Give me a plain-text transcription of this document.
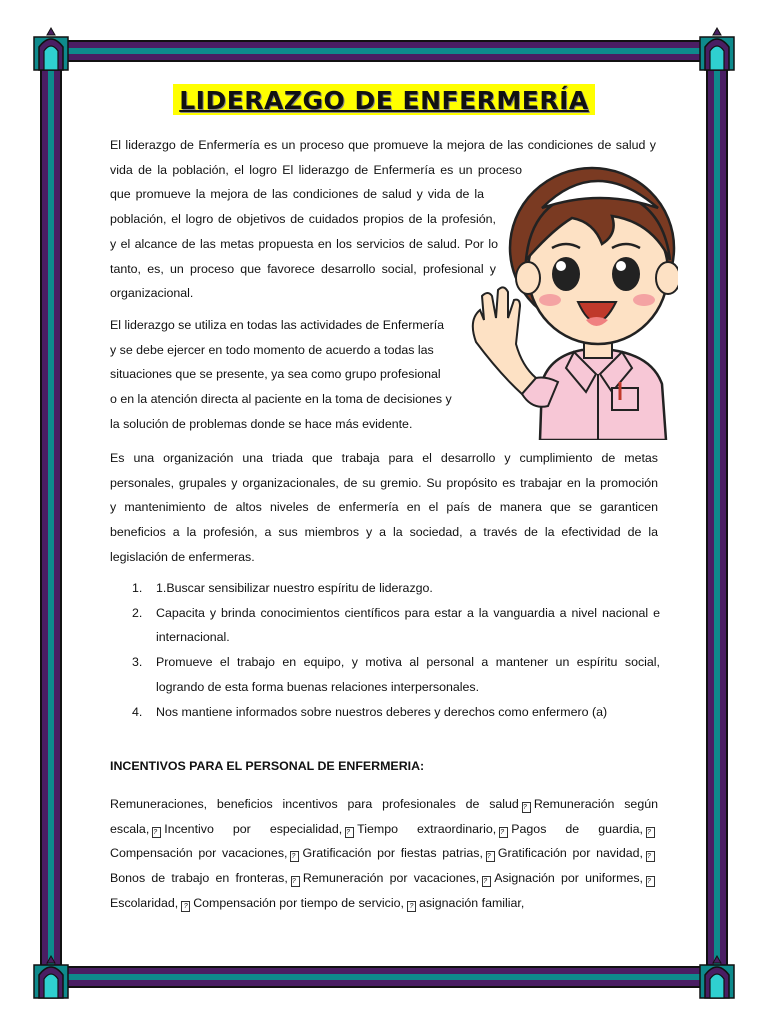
LIDERAZGO DE ENFERMERÍA

El liderazgo de Enfermería es un proceso que promueve la mejora de las condiciones de salud y
vida de la población, el logro El liderazgo de Enfermería es un proceso
que promueve la mejora de las condiciones de salud y vida de la
población, el logro de objetivos de cuidados propios de la profesión,
y el alcance de las metas propuesta en los servicios de salud. Por lo
tanto, es, un proceso que favorece desarrollo social, profesional y
organizacional.

El liderazgo se utiliza en todas las actividades de Enfermería
y se debe ejercer en todo momento de acuerdo a todas las
situaciones que se presente, ya sea como grupo profesional
o en la atención directa al paciente en la toma de decisiones y
la solución de problemas donde se hace más evidente.

Es una organización una triada que trabaja para el desarrollo y cumplimiento de metas
personales, grupales y organizacionales, de su gremio. Su propósito es trabajar en la promoción
y mantenimiento de altos niveles de enfermería en el país de manera que se garanticen
beneficios a la profesión, a sus miembros y a la sociedad, a través de la efectividad de la
legislación de enfermeras.

1. 1.Buscar sensibilizar nuestro espíritu de liderazgo.
2. Capacita y brinda conocimientos científicos para estar a la vanguardia a nivel nacional e
internacional.
3. Promueve el trabajo en equipo, y motiva al personal a mantener un espíritu social,
logrando de esta forma buenas relaciones interpersonales.
4. Nos mantiene informados sobre nuestros deberes y derechos como enfermero (a)

INCENTIVOS PARA EL PERSONAL DE ENFERMERIA:

Remuneraciones, beneficios incentivos para profesionales de salud ? Remuneración según
escala, ? Incentivo por especialidad, ? Tiempo extraordinario, ? Pagos de guardia, ?
Compensación por vacaciones, ? Gratificación por fiestas patrias, ? Gratificación por navidad, ?
Bonos de trabajo en fronteras, ? Remuneración por vacaciones, ? Asignación por uniformes, ?
Escolaridad, ? Compensación por tiempo de servicio, ? asignación familiar,
